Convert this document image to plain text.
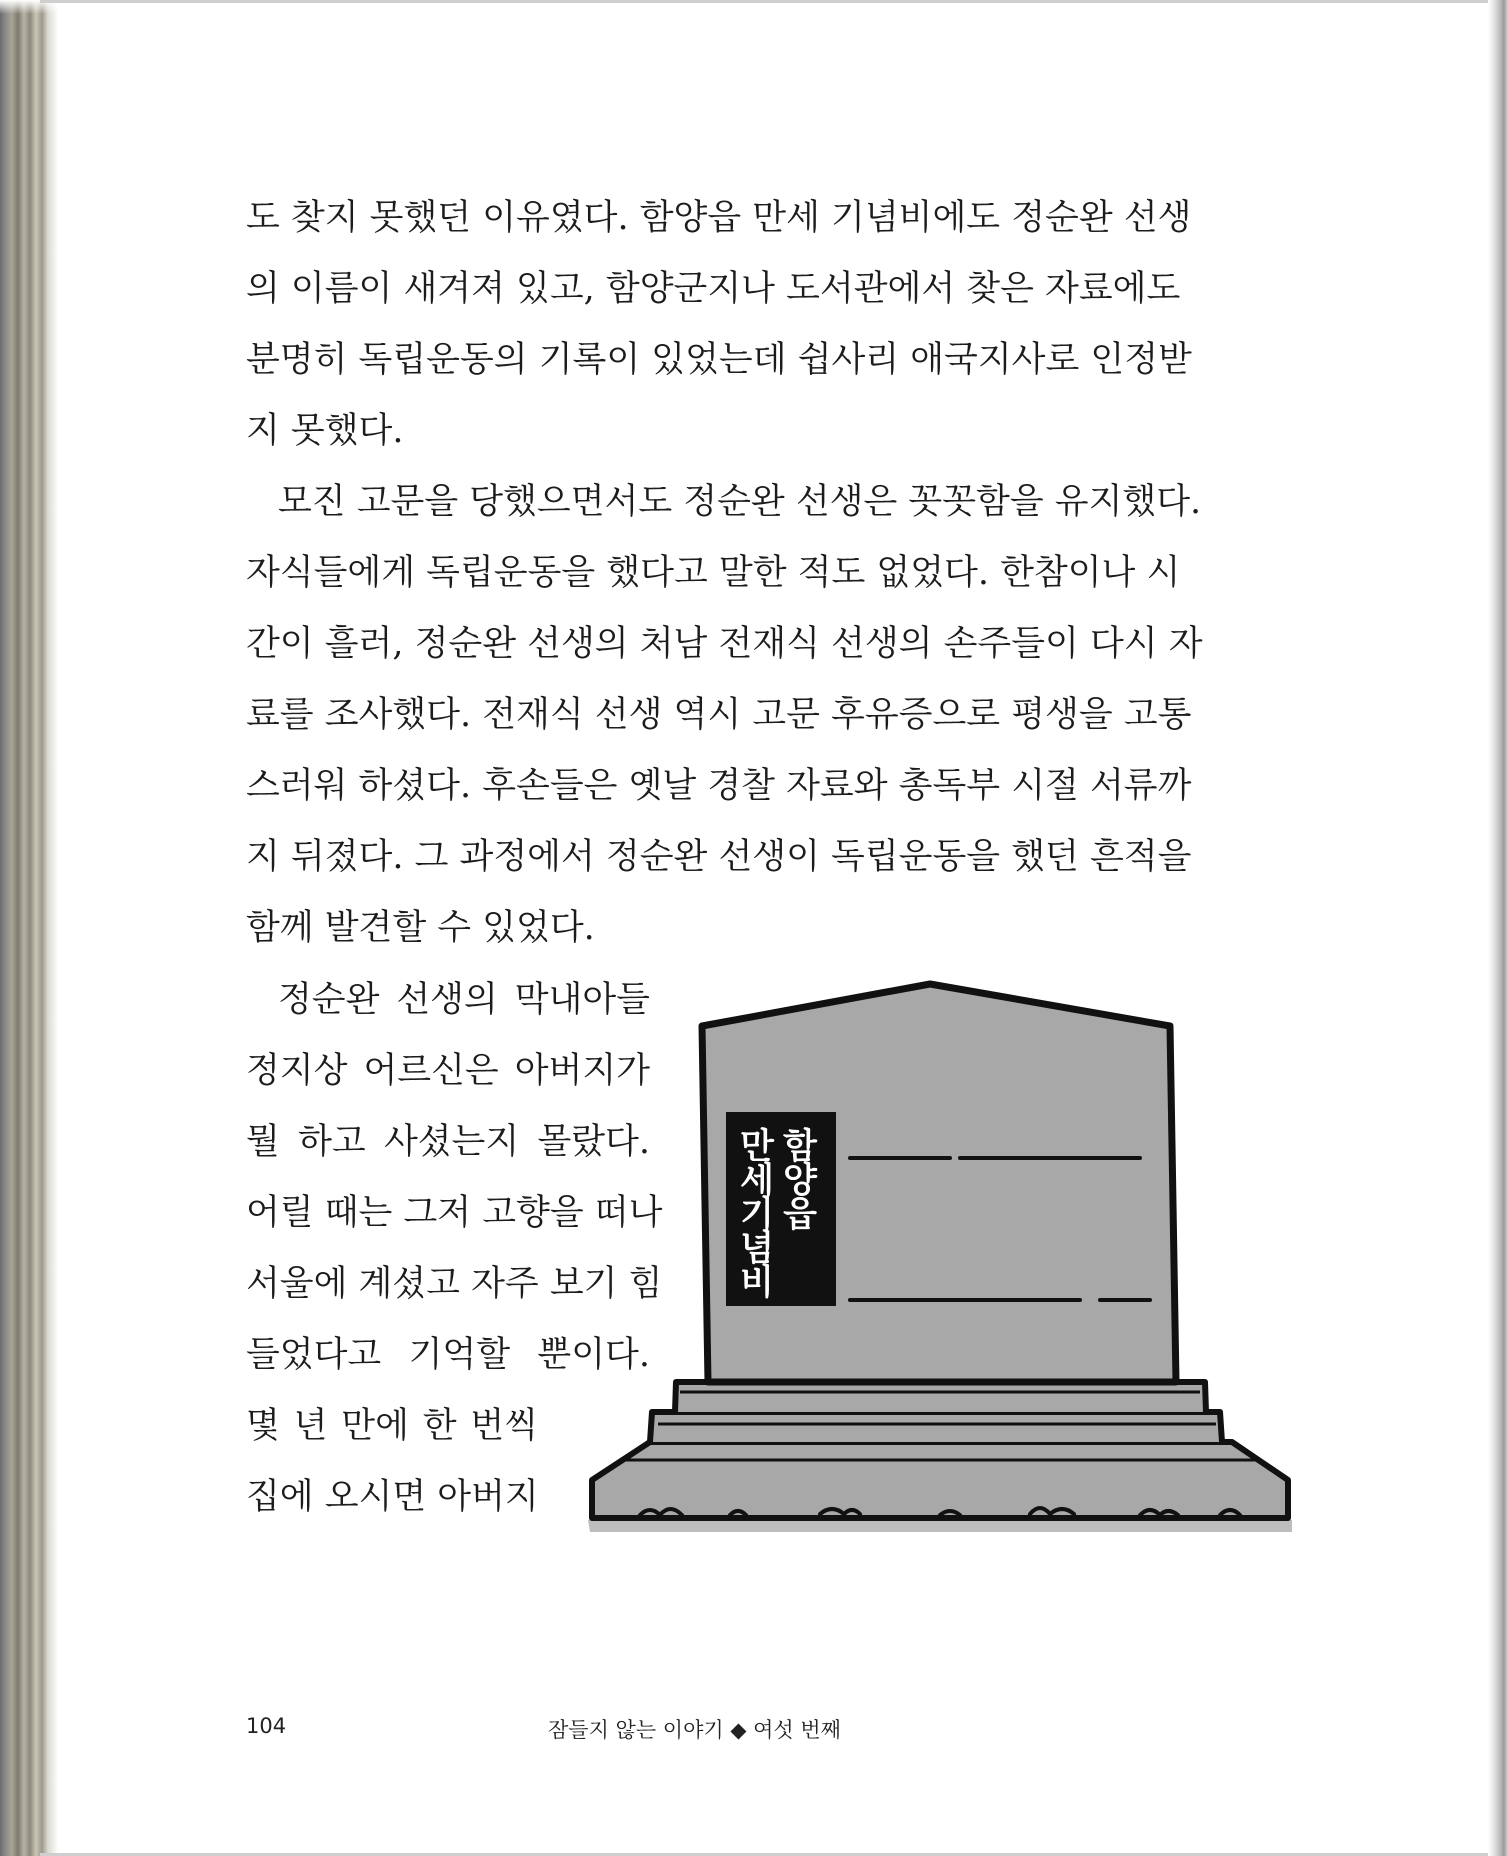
도 찾지 못했던 이유였다. 함양읍 만세 기념비에도 정순완 선생
의 이름이 새겨져 있고, 함양군지나 도서관에서 찾은 자료에도
분명히 독립운동의 기록이 있었는데 쉽사리 애국지사로 인정받
지 못했다.
모진 고문을 당했으면서도 정순완 선생은 꼿꼿함을 유지했다.
자식들에게 독립운동을 했다고 말한 적도 없었다. 한참이나 시
간이 흘러, 정순완 선생의 처남 전재식 선생의 손주들이 다시 자
료를 조사했다. 전재식 선생 역시 고문 후유증으로 평생을 고통
스러워 하셨다. 후손들은 옛날 경찰 자료와 총독부 시절 서류까
지 뒤졌다. 그 과정에서 정순완 선생이 독립운동을 했던 흔적을
함께 발견할 수 있었다.
정순완 선생의 막내아들
정지상 어르신은 아버지가
뭘 하고 사셨는지 몰랐다.
어릴 때는 그저 고향을 떠나
서울에 계셨고 자주 보기 힘
들었다고 기억할 뿐이다.
몇 년 만에 한 번씩
집에 오시면 아버지
함
양
읍
만
세
기
념
비
104	잠들지 않는 이야기 ◆ 여섯 번째
